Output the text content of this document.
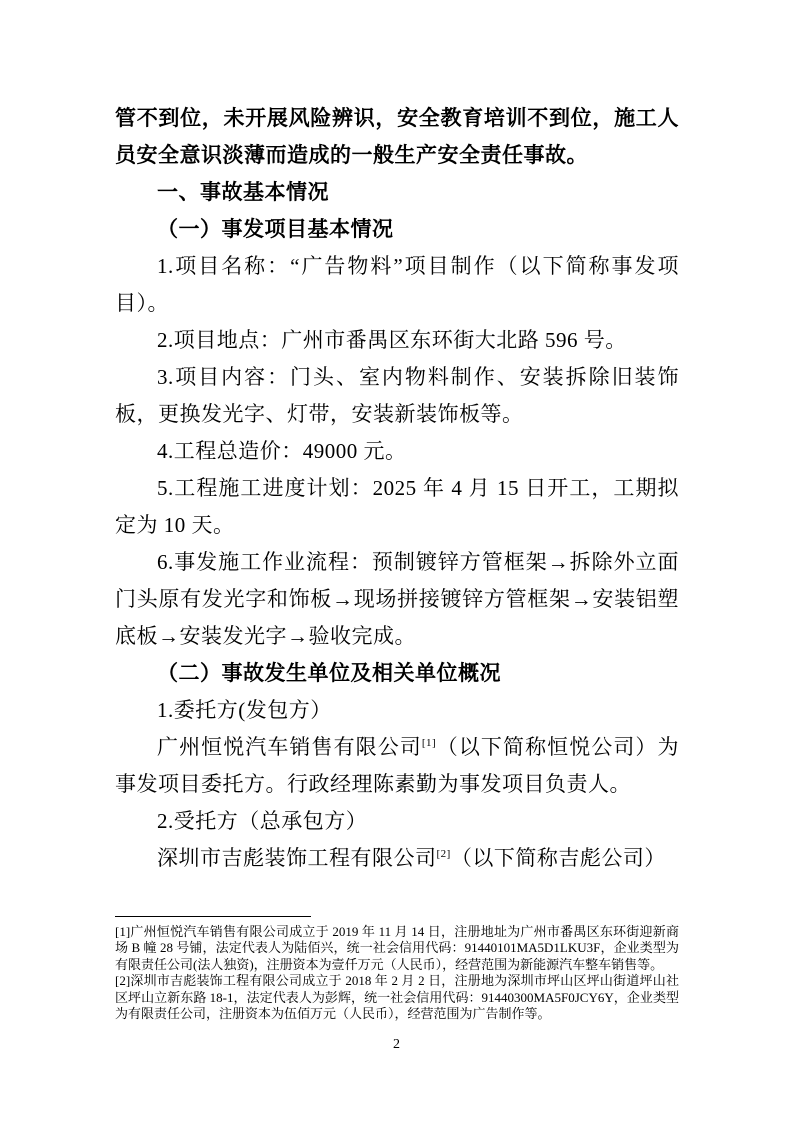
管不到位，未开展风险辨识，安全教育培训不到位，施工人员安全意识淡薄而造成的一般生产安全责任事故。

一、事故基本情况

（一）事发项目基本情况

1.项目名称：“广告物料”项目制作（以下简称事发项目）。

2.项目地点：广州市番禺区东环街大北路 596 号。

3.项目内容：门头、室内物料制作、安装拆除旧装饰板，更换发光字、灯带，安装新装饰板等。

4.工程总造价：49000 元。

5.工程施工进度计划：2025 年 4 月 15 日开工，工期拟定为 10 天。

6.事发施工作业流程：预制镀锌方管框架→拆除外立面门头原有发光字和饰板→现场拼接镀锌方管框架→安装铝塑底板→安装发光字→验收完成。

（二）事故发生单位及相关单位概况

1.委托方(发包方）

广州恒悦汽车销售有限公司[1]（以下简称恒悦公司）为事发项目委托方。行政经理陈素勤为事发项目负责人。

2.受托方（总承包方）

深圳市吉彪装饰工程有限公司[2]（以下简称吉彪公司）

[1]广州恒悦汽车销售有限公司成立于 2019 年 11 月 14 日，注册地址为广州市番禺区东环街迎新商场 B 幢 28 号铺，法定代表人为陆佰兴，统一社会信用代码：91440101MA5D1LKU3F，企业类型为有限责任公司(法人独资)，注册资本为壹仟万元（人民币），经营范围为新能源汽车整车销售等。

[2]深圳市吉彪装饰工程有限公司成立于 2018 年 2 月 2 日，注册地为深圳市坪山区坪山街道坪山社区坪山立新东路 18-1，法定代表人为彭辉，统一社会信用代码：91440300MA5F0JCY6Y，企业类型为有限责任公司，注册资本为伍佰万元（人民币），经营范围为广告制作等。

2
